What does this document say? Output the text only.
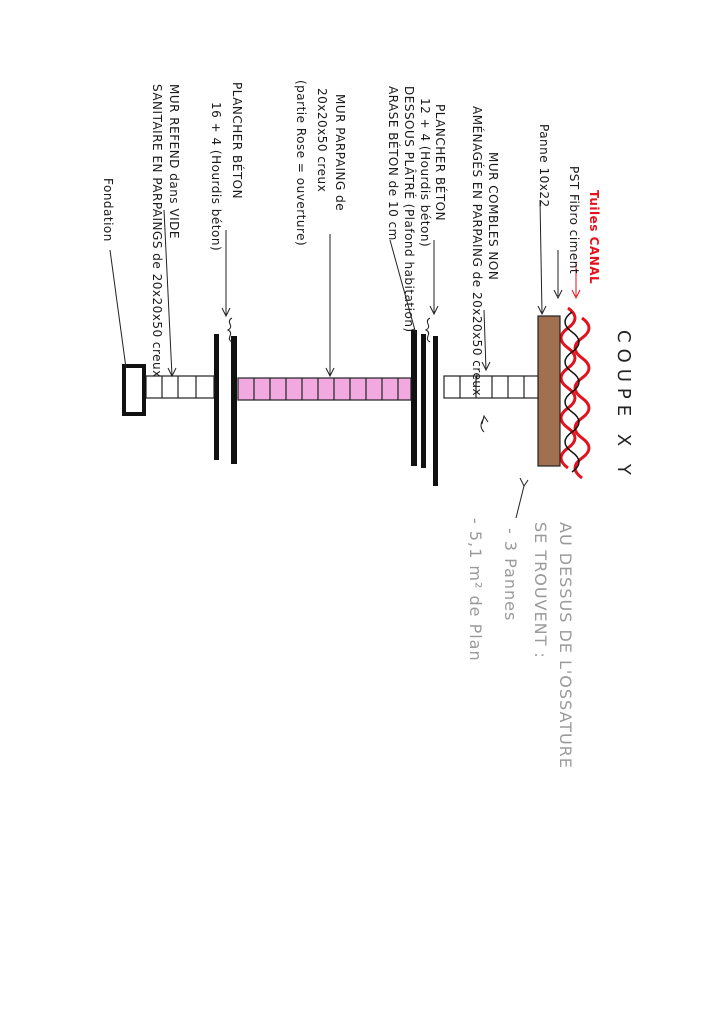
COUPE X Y
Tuiles CANAL
PST Fibro ciment
Panne 10x22
MUR COMBLES NON
AMÉNAGÉS EN PARPAING de 20x20x50 creux
PLANCHER BÉTON
12 + 4 (Hourdis béton)
DESSOUS PLÂTRÉ (Plafond habitation)
ARASE BÉTON de 10 cm
MUR PARPAING de
20x20x50 creux
(partie Rose = ouverture)
PLANCHER BÉTON
16 + 4 (Hourdis béton)
MUR REFEND dans VIDE
SANITAIRE EN PARPAINGS de 20x20x50 creux
Fondation
AU DESSUS DE L'OSSATURE
SE TROUVENT :
- 3 Pannes
- 5,1 m² de Plan
